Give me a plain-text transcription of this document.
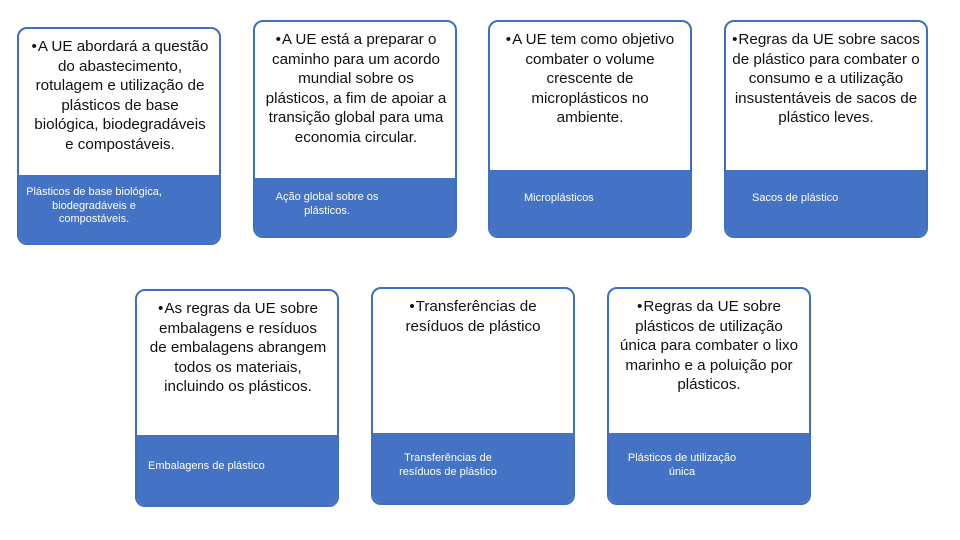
•A UE abordará a questão do abastecimento, rotulagem e utilização de plásticos de base biológica, biodegradáveis e compostáveis.
Plásticos de base biológica, biodegradáveis e compostáveis.
•A UE está a preparar o caminho para um acordo mundial sobre os plásticos, a fim de apoiar a transição global para uma economia circular.
Ação global sobre os plásticos.
•A UE tem como objetivo combater o volume crescente de microplásticos no ambiente.
Microplásticos
•Regras da UE sobre sacos de plástico para combater o consumo e a utilização insustentáveis de sacos de plástico leves.
Sacos de plástico
•As regras da UE sobre embalagens e resíduos de embalagens abrangem todos os materiais, incluindo os plásticos.
Embalagens de plástico
•Transferências de resíduos de plástico
Transferências de resíduos de plástico
•Regras da UE sobre plásticos de utilização única para combater o lixo marinho e a poluição por plásticos.
Plásticos de utilização única
